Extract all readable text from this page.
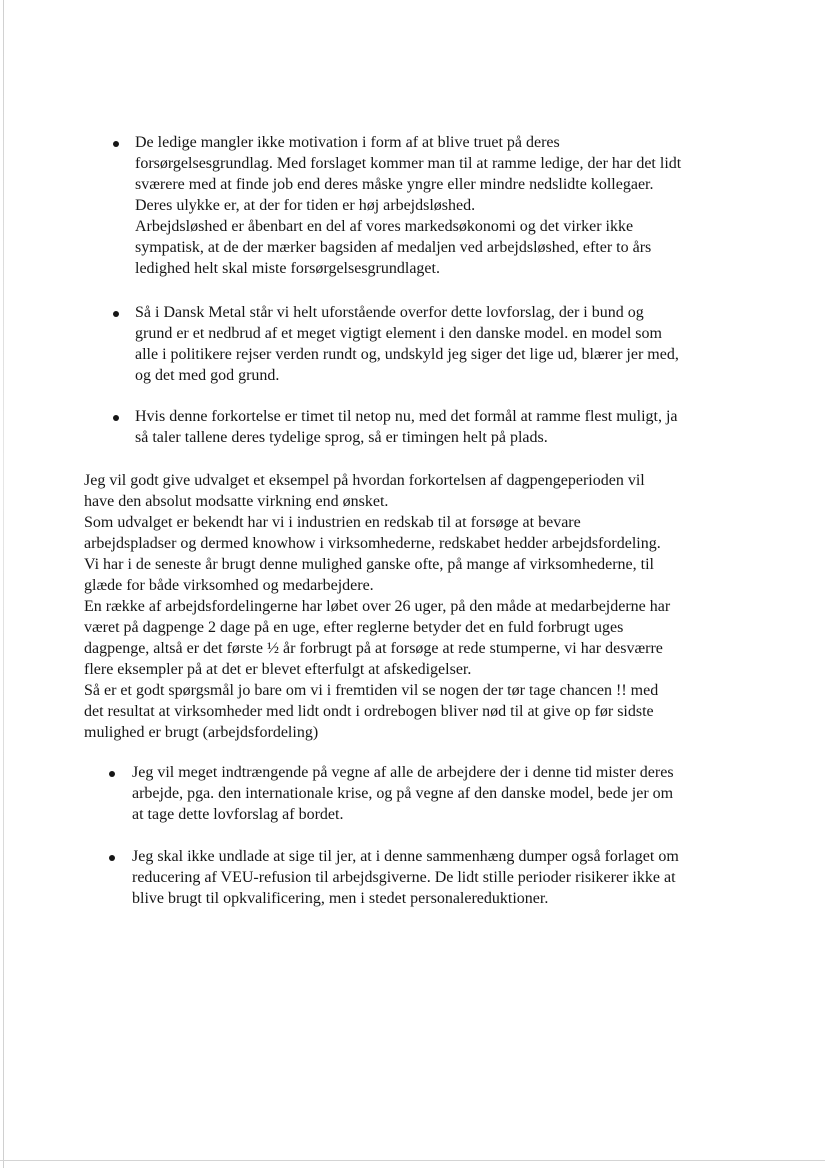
De ledige mangler ikke motivation i form af at blive truet på deres
forsørgelsesgrundlag. Med forslaget kommer man til at ramme ledige, der har det lidt
sværere med at finde job end deres måske yngre eller mindre nedslidte kollegaer.
Deres ulykke er, at der for tiden er høj arbejdsløshed.
Arbejdsløshed er åbenbart en del af vores markedsøkonomi og det virker ikke
sympatisk, at de der mærker bagsiden af medaljen ved arbejdsløshed, efter to års
ledighed helt skal miste forsørgelsesgrundlaget.
Så i Dansk Metal står vi helt uforstående overfor dette lovforslag, der i bund og
grund er et nedbrud af et meget vigtigt element i den danske model. en model som
alle i politikere rejser verden rundt og, undskyld jeg siger det lige ud, blærer jer med,
og det med god grund.
Hvis denne forkortelse er timet til netop nu, med det formål at ramme flest muligt, ja
så taler tallene deres tydelige sprog, så er timingen helt på plads.
Jeg vil godt give udvalget et eksempel på hvordan forkortelsen af dagpengeperioden vil
have den absolut modsatte virkning end ønsket.
Som udvalget er bekendt har vi i industrien en redskab til at forsøge at bevare
arbejdspladser og dermed knowhow i virksomhederne, redskabet hedder arbejdsfordeling.
Vi har i de seneste år brugt denne mulighed ganske ofte, på mange af virksomhederne, til
glæde for både virksomhed og medarbejdere.
En række af arbejdsfordelingerne har løbet over 26 uger, på den måde at medarbejderne har
været på dagpenge 2 dage på en uge, efter reglerne betyder det en fuld forbrugt uges
dagpenge, altså er det første ½ år forbrugt på at forsøge at rede stumperne, vi har desværre
flere eksempler på at det er blevet efterfulgt at afskedigelser.
Så er et godt spørgsmål jo bare om vi i fremtiden vil se nogen der tør tage chancen !! med
det resultat at virksomheder med lidt ondt i ordrebogen bliver nød til at give op før sidste
mulighed er brugt (arbejdsfordeling)
Jeg vil meget indtrængende på vegne af alle de arbejdere der i denne tid mister deres
arbejde, pga. den internationale krise, og på vegne af den danske model, bede jer om
at tage dette lovforslag af bordet.
Jeg skal ikke undlade at sige til jer, at i denne sammenhæng dumper også forlaget om
reducering af VEU-refusion til arbejdsgiverne. De lidt stille perioder risikerer ikke at
blive brugt til opkvalificering, men i stedet personalereduktioner.
